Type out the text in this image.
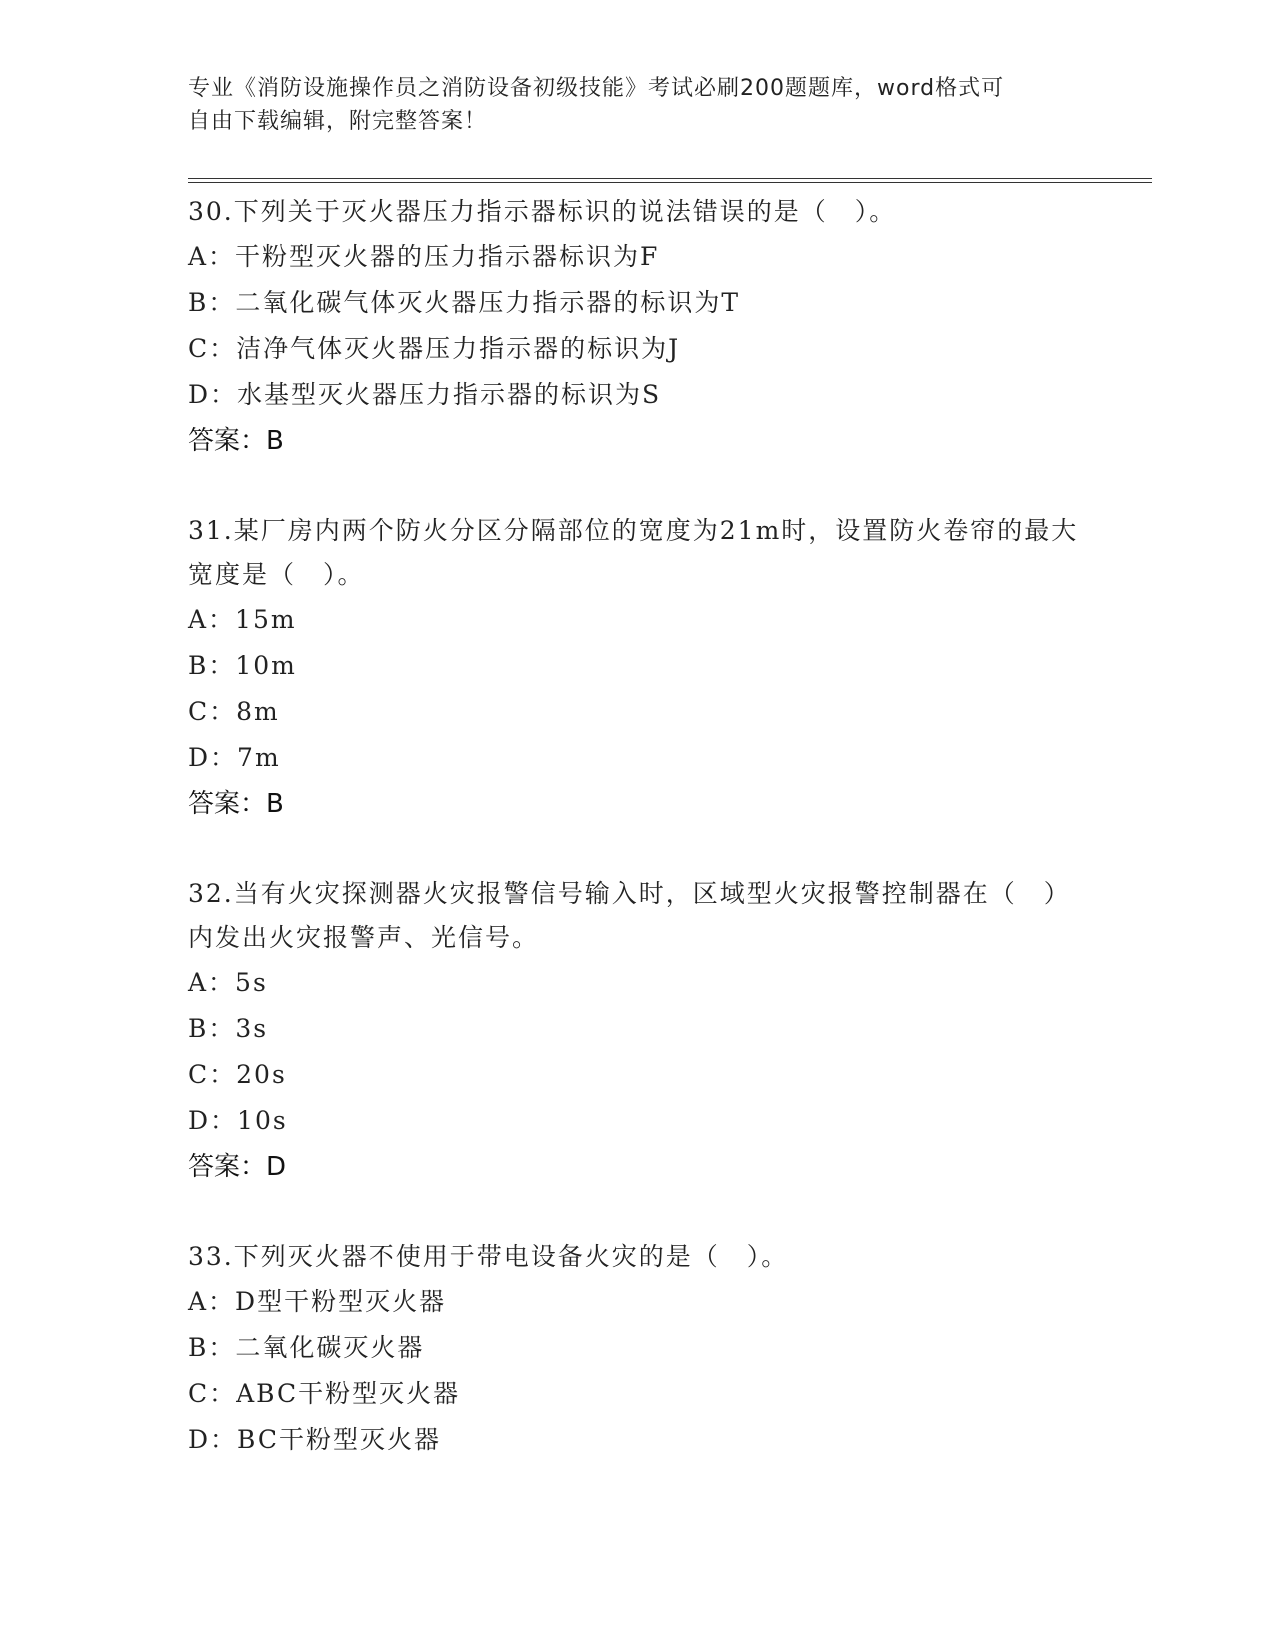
专业《消防设施操作员之消防设备初级技能》考试必刷200题题库，word格式可
自由下载编辑，附完整答案！
30.下列关于灭火器压力指示器标识的说法错误的是（　）。
A：干粉型灭火器的压力指示器标识为F
B：二氧化碳气体灭火器压力指示器的标识为T
C：洁净气体灭火器压力指示器的标识为J
D：水基型灭火器压力指示器的标识为S
答案：B
31.某厂房内两个防火分区分隔部位的宽度为21m时，设置防火卷帘的最大宽度是（　）。
A：15m
B：10m
C：8m
D：7m
答案：B
32.当有火灾探测器火灾报警信号输入时，区域型火灾报警控制器在（　）内发出火灾报警声、光信号。
A：5s
B：3s
C：20s
D：10s
答案：D
33.下列灭火器不使用于带电设备火灾的是（　）。
A：D型干粉型灭火器
B：二氧化碳灭火器
C：ABC干粉型灭火器
D：BC干粉型灭火器
